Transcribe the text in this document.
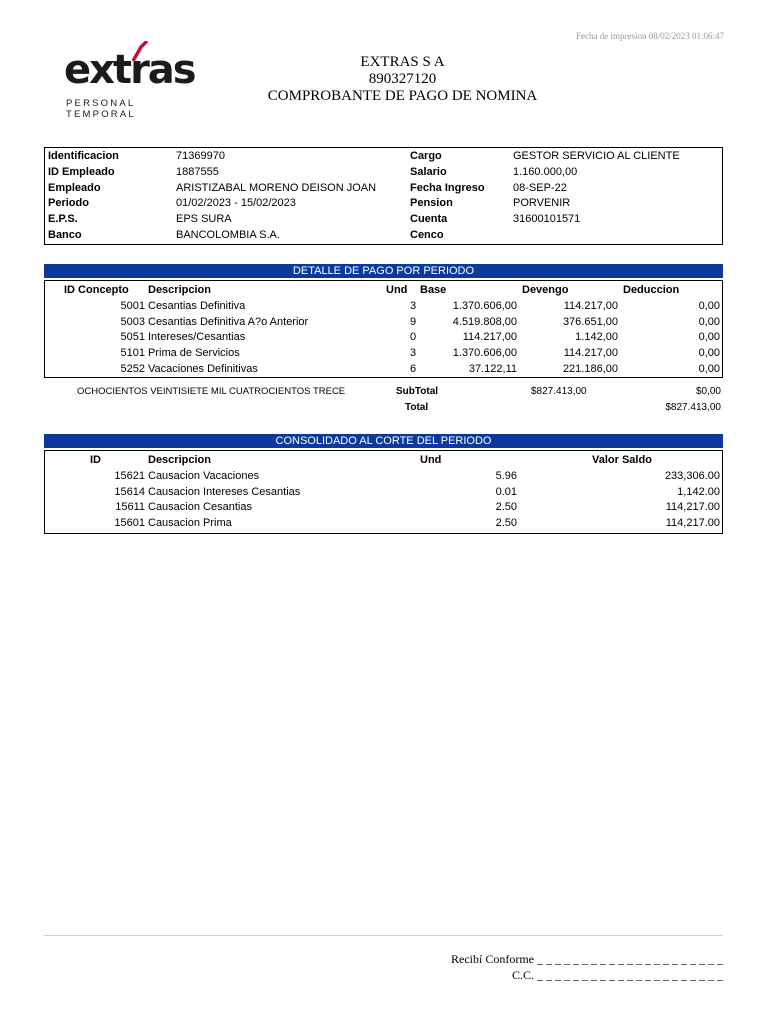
Fecha de impresion 08/02/2023 01:06:47
extr
as
PERSONAL TEMPORAL
EXTRAS S A
890327120
COMPROBANTE DE PAGO DE NOMINA
Identificacion	71369970	Cargo	GESTOR SERVICIO AL CLIENTE
ID Empleado	1887555	Salario	1.160.000,00
Empleado	ARISTIZABAL MORENO DEISON JOAN	Fecha Ingreso	08-SEP-22
Periodo	01/02/2023 - 15/02/2023	Pension	PORVENIR
E.P.S.	EPS SURA	Cuenta	31600101571
Banco	BANCOLOMBIA S.A.	Cenco
DETALLE DE PAGO POR PERIODO
ID Concepto Descripcion	Und Base	Devengo	Deduccion
5001 Cesantias Definitiva	3	1.370.606,00	114.217,00	0,00
5003 Cesantias Definitiva A?o Anterior	9	4.519.808,00	376.651,00	0,00
5051 Intereses/Cesantias	0	114.217,00	1.142,00	0,00
5101 Prima de Servicios	3	1.370.606,00	114.217,00	0,00
5252 Vacaciones Definitivas	6	37.122,11	221.186,00	0,00
OCHOCIENTOS VEINTISIETE MIL CUATROCIENTOS TRECE	SubTotal	$827.413,00	$0,00
Total	$827.413,00
CONSOLIDADO AL CORTE DEL PERIODO
ID	Descripcion	Und	Valor Saldo
15621 Causacion Vacaciones	5.96	233,306.00
15614 Causacion Intereses Cesantias	0.01	1,142.00
15611 Causacion Cesantias	2.50	114,217.00
15601 Causacion Prima	2.50	114,217.00
Recibí Conforme _ _ _ _ _ _ _ _ _ _ _ _ _ _ _ _ _ _ _ _ _
C.C. _ _ _ _ _ _ _ _ _ _ _ _ _ _ _ _ _ _ _ _ _
